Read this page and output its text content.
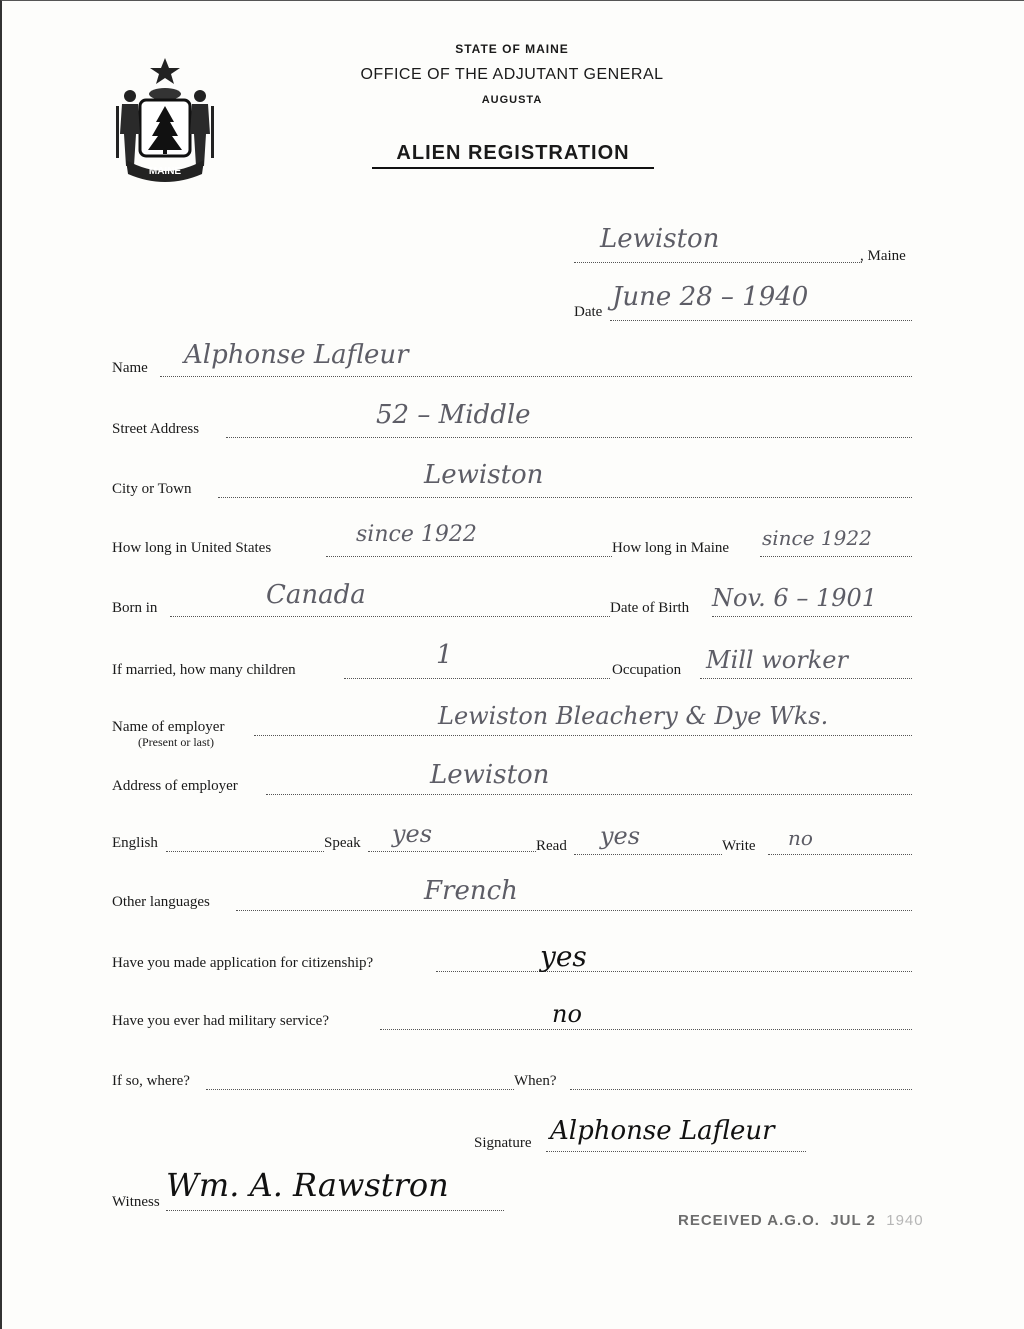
MAINE
STATE OF MAINE
OFFICE OF THE ADJUTANT GENERAL
AUGUSTA
ALIEN REGISTRATION
Lewiston
, Maine
Date June 28 – 1940
Name Alphonse Lafleur
Street Address	52 – Middle
City or Town	Lewiston
How long in United States
since 1922
How long in Maine since 1922
Born in	Canada	Date of Birth Nov. 6 – 1901
If married, how many children	1	Occupation Mill worker
Name of employer
(Present or last)
Lewiston Bleachery & Dye Wks.
Address of employer	Lewiston
English	Speak yes	Read yes	Write no
Other languages	French
Have you made application for citizenship?	yes
Have you ever had military service?	no
If so, where?	When?
Signature Alphonse Lafleur
Witness Wm. A. Rawstron
RECEIVED A.G.O. JUL 2 1940
